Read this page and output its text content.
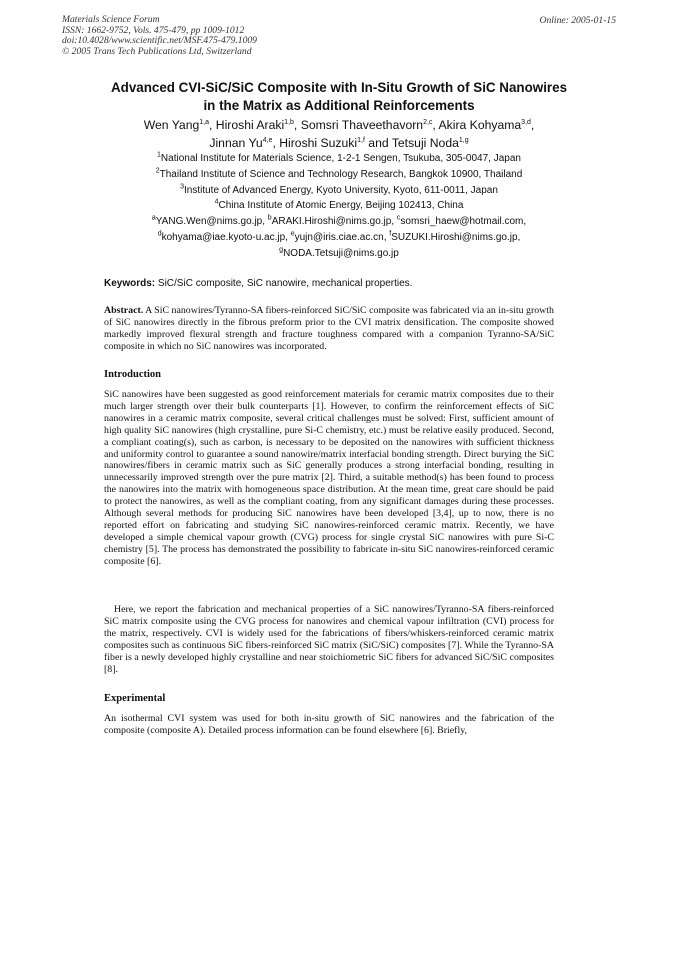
Materials Science Forum
ISSN: 1662-9752, Vols. 475-479, pp 1009-1012
doi:10.4028/www.scientific.net/MSF.475-479.1009
© 2005 Trans Tech Publications Ltd, Switzerland
Online: 2005-01-15
Advanced CVI-SiC/SiC Composite with In-Situ Growth of SiC Nanowires
in the Matrix as Additional Reinforcements
Wen Yang$^{1,a}$, Hiroshi Araki$^{1,b}$, Somsri Thaveethavorn$^{2,c}$, Akira Kohyama$^{3,d}$,
Jinnan Yu$^{4,e}$, Hiroshi Suzuki$^{1,f}$ and Tetsuji Noda$^{1,g}$
$^1$National Institute for Materials Science, 1-2-1 Sengen, Tsukuba, 305-0047, Japan
$^2$Thailand Institute of Science and Technology Research, Bangkok 10900, Thailand
$^3$Institute of Advanced Energy, Kyoto University, Kyoto, 611-0011, Japan
$^4$China Institute of Atomic Energy, Beijing 102413, China
$^a$YANG.Wen@nims.go.jp, $^b$ARAKI.Hiroshi@nims.go.jp, $^c$somsri_haew@hotmail.com,
$^d$kohyama@iae.kyoto-u.ac.jp, $^e$yujn@iris.ciae.ac.cn, $^f$SUZUKI.Hiroshi@nims.go.jp,
$^g$NODA.Tetsuji@nims.go.jp
Keywords: SiC/SiC composite, SiC nanowire, mechanical properties.
Abstract. A SiC nanowires/Tyranno-SA fibers-reinforced SiC/SiC composite was fabricated via an in-situ growth of SiC nanowires directly in the fibrous preform prior to the CVI matrix densification. The composite showed markedly improved flexural strength and fracture toughness compared with a companion Tyranno-SA/SiC composite in which no SiC nanowires was incorporated.
Introduction
SiC nanowires have been suggested as good reinforcement materials for ceramic matrix composites due to their much larger strength over their bulk counterparts [1]. However, to confirm the reinforcement effects of SiC nanowires in a ceramic matrix composite, several critical challenges must be solved: First, sufficient amount of high quality SiC nanowires (high crystalline, pure Si-C chemistry, etc.) must be relative easily produced. Second, a compliant coating(s), such as carbon, is necessary to be deposited on the nanowires with sufficient thickness and uniformity control to guarantee a sound nanowire/matrix interfacial bonding strength. Direct burying the SiC nanowires/fibers in ceramic matrix such as SiC generally produces a strong interfacial bonding, resulting in unnecessarily improved strength over the pure matrix [2]. Third, a suitable method(s) has been found to process the nanowires into the matrix with homogeneous space distribution. At the mean time, great care should be paid to protect the nanowires, as well as the compliant coating, from any significant damages during these processes. Although several methods for producing SiC nanowires have been developed [3,4], up to now, there is no reported effort on fabricating and studying SiC nanowires-reinforced ceramic matrix. Recently, we have developed a simple chemical vapour growth (CVG) process for single crystal SiC nanowires with pure Si-C chemistry [5]. The process has demonstrated the possibility to fabricate in-situ SiC nanowires-reinforced ceramic composite [6].
Here, we report the fabrication and mechanical properties of a SiC nanowires/Tyranno-SA fibers-reinforced SiC matrix composite using the CVG process for nanowires and chemical vapour infiltration (CVI) process for the matrix, respectively. CVI is widely used for the fabrications of fibers/whiskers-reinforced ceramic matrix composites such as continuous SiC fibers-reinforced SiC matrix (SiC/SiC) composites [7]. While the Tyranno-SA fiber is a newly developed highly crystalline and near stoichiometric SiC fibers for advanced SiC/SiC composites [8].
Experimental
An isothermal CVI system was used for both in-situ growth of SiC nanowires and the fabrication of the composite (composite A). Detailed process information can be found elsewhere [6]. Briefly,
